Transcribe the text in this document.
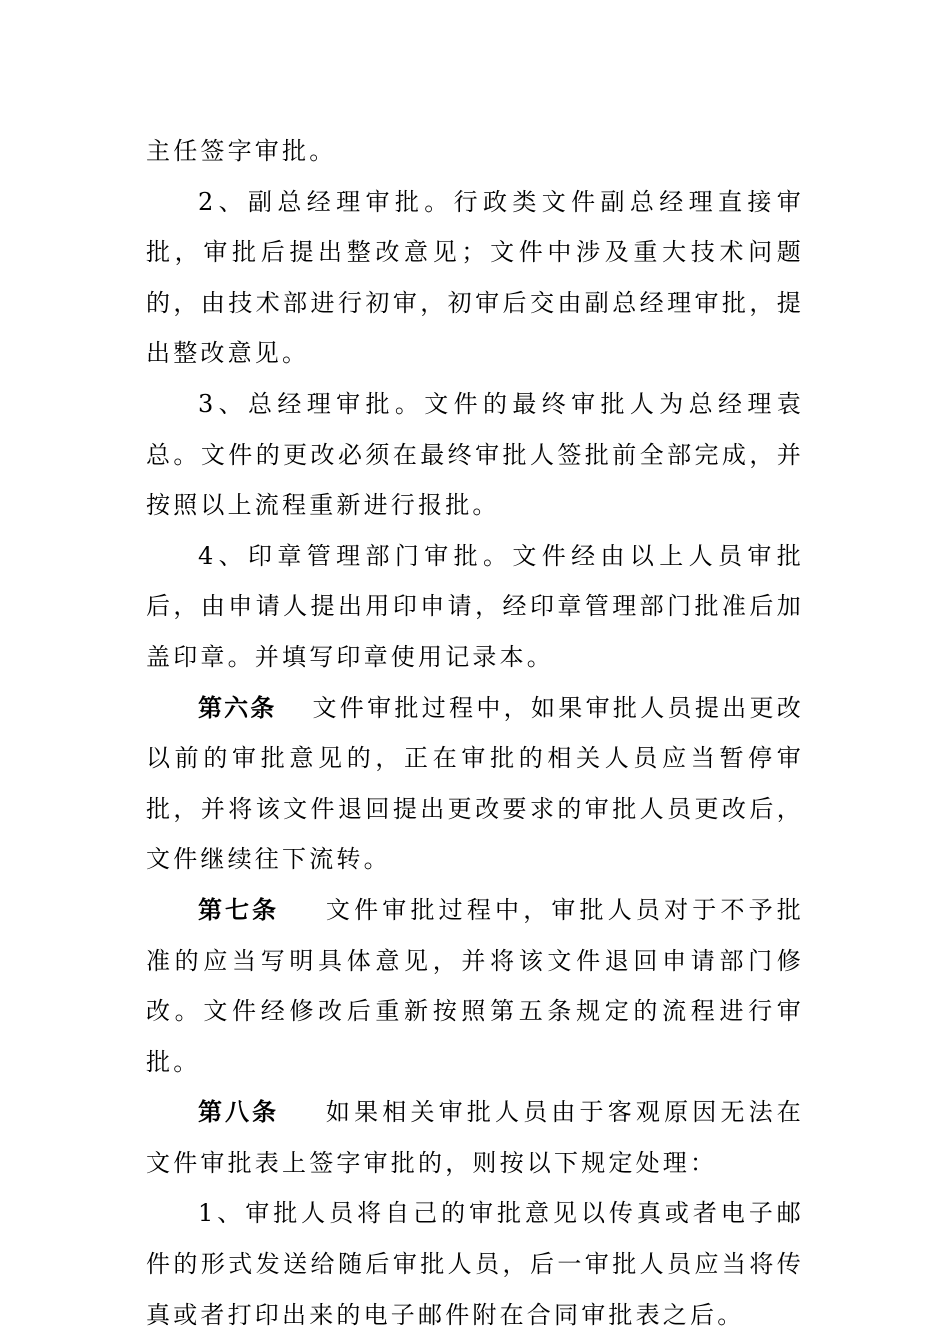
主任签字审批。

2、副总经理审批。行政类文件副总经理直接审批，审批后提出整改意见；文件中涉及重大技术问题的，由技术部进行初审，初审后交由副总经理审批，提出整改意见。

3、总经理审批。文件的最终审批人为总经理袁总。文件的更改必须在最终审批人签批前全部完成，并按照以上流程重新进行报批。

4、印章管理部门审批。文件经由以上人员审批后，由申请人提出用印申请，经印章管理部门批准后加盖印章。并填写印章使用记录本。

第六条 文件审批过程中，如果审批人员提出更改以前的审批意见的，正在审批的相关人员应当暂停审批，并将该文件退回提出更改要求的审批人员更改后，文件继续往下流转。

第七条 文件审批过程中，审批人员对于不予批准的应当写明具体意见，并将该文件退回申请部门修改。文件经修改后重新按照第五条规定的流程进行审批。

第八条 如果相关审批人员由于客观原因无法在文件审批表上签字审批的，则按以下规定处理：

1、审批人员将自己的审批意见以传真或者电子邮件的形式发送给随后审批人员，后一审批人员应当将传真或者打印出来的电子邮件附在合同审批表之后。
